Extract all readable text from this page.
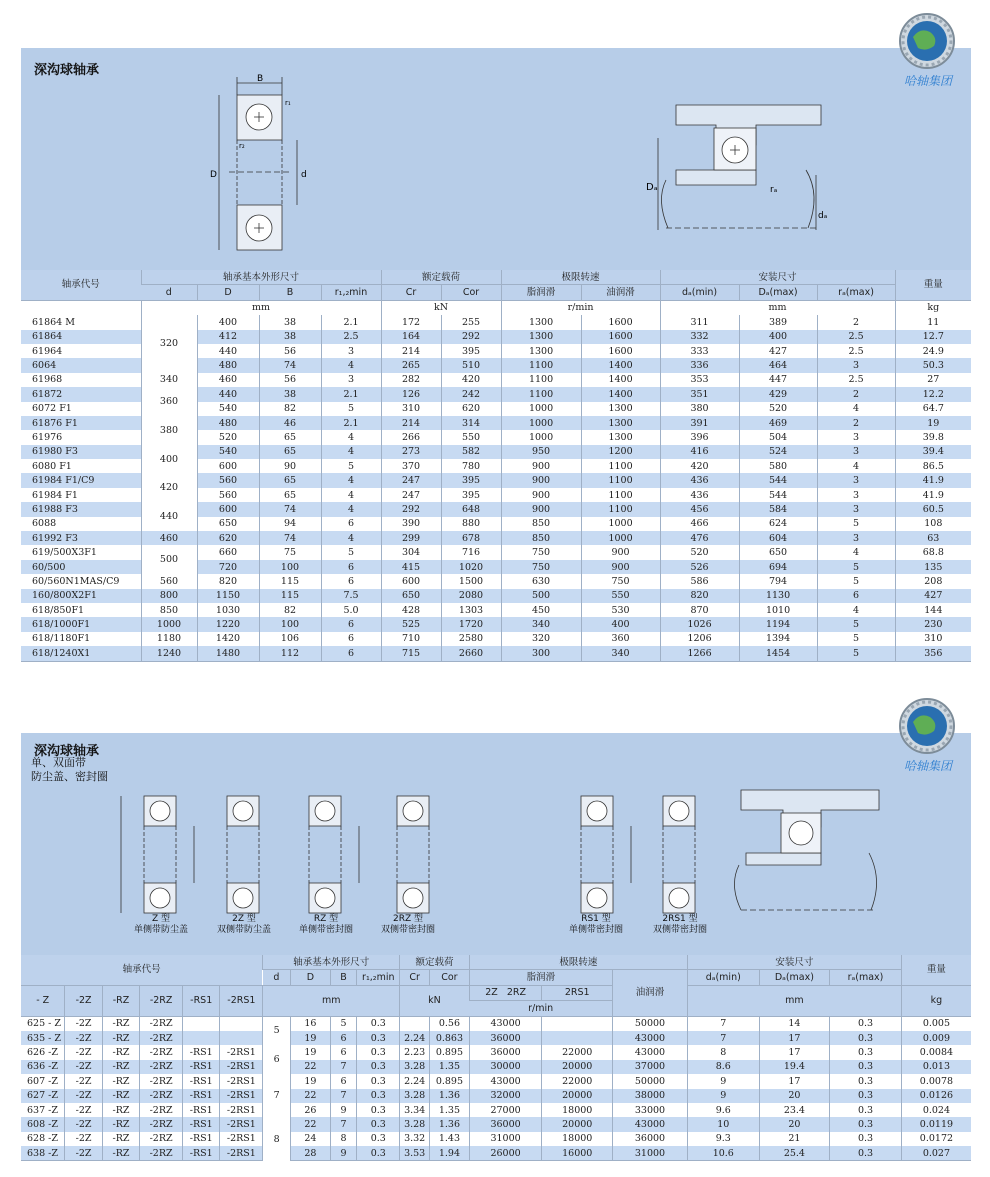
深沟球轴承
B
D	d
r₁
r₂
Dₐ
dₐ
rₐ
哈轴集团
轴承代号	轴承基本外形尺寸				额定载荷		极限转速		安装尺寸			重量
	d	D	B	r₁,₂min	Cr	Cor	脂润滑	油润滑	dₐ(min)	Dₐ(max)	rₐ(max)	
	mm				kN		r/min		mm			kg
61864 M	320	400	38	2.1	172	255	1300	1600	311	389	2	11
61864		412	38	2.5	164	292	1300	1600	332	400	2.5	12.7
61964		440	56	3	214	395	1300	1600	333	427	2.5	24.9
6064		480	74	4	265	510	1100	1400	336	464	3	50.3
61968	340	460	56	3	282	420	1100	1400	353	447	2.5	27
61872	360	440	38	2.1	126	242	1100	1400	351	429	2	12.2
6072 F1		540	82	5	310	620	1000	1300	380	520	4	64.7
61876 F1	380	480	46	2.1	214	314	1000	1300	391	469	2	19
61976		520	65	4	266	550	1000	1300	396	504	3	39.8
61980 F3	400	540	65	4	273	582	950	1200	416	524	3	39.4
6080 F1		600	90	5	370	780	900	1100	420	580	4	86.5
61984 F1/C9	420	560	65	4	247	395	900	1100	436	544	3	41.9
61984 F1		560	65	4	247	395	900	1100	436	544	3	41.9
61988 F3	440	600	74	4	292	648	900	1100	456	584	3	60.5
6088		650	94	6	390	880	850	1000	466	624	5	108
61992 F3	460	620	74	4	299	678	850	1000	476	604	3	63
619/500X3F1	500	660	75	5	304	716	750	900	520	650	4	68.8
60/500		720	100	6	415	1020	750	900	526	694	5	135
60/560N1MAS/C9	560	820	115	6	600	1500	630	750	586	794	5	208
160/800X2F1	800	1150	115	7.5	650	2080	500	550	820	1130	6	427
618/850F1	850	1030	82	5.0	428	1303	450	530	870	1010	4	144
618/1000F1	1000	1220	100	6	525	1720	340	400	1026	1194	5	230
618/1180F1	1180	1420	106	6	710	2580	320	360	1206	1394	5	310
618/1240X1	1240	1480	112	6	715	2660	300	340	1266	1454	5	356
深沟球轴承
单、双面带
防尘盖、密封圈
Z 型
单侧带防尘盖
2Z 型
双侧带防尘盖
RZ 型
单侧带密封圈
2RZ 型
双侧带密封圈
RS1 型
单侧带密封圈
2RS1 型
双侧带密封圈
哈轴集团
轴承代号						轴承基本外形尺寸				额定载荷		极限转速			安装尺寸			重量
						d	D	B	r₁,₂min	Cr	Cor	脂润滑		油润滑	dₐ(min)	Dₐ(max)	rₐ(max)	
- Z	-2Z	-RZ	-2RZ	-RS1	-2RS1	mm				kN		2Z 2RZ	2RS1		mm			kg
												r/min						
625 - Z	-2Z	-RZ	-2RZ			5	16	5	0.3		0.56	43000		50000	7	14	0.3	0.005
635 - Z	-2Z	-RZ	-2RZ				19	6	0.3	2.24	0.863	36000		43000	7	17	0.3	0.009
626 -Z	-2Z	-RZ	-2RZ	-RS1	-2RS1	6	19	6	0.3	2.23	0.895	36000	22000	43000	8	17	0.3	0.0084
636 -Z	-2Z	-RZ	-2RZ	-RS1	-2RS1		22	7	0.3	3.28	1.35	30000	20000	37000	8.6	19.4	0.3	0.013
607 -Z	-2Z	-RZ	-2RZ	-RS1	-2RS1	7	19	6	0.3	2.24	0.895	43000	22000	50000	9	17	0.3	0.0078
627 -Z	-2Z	-RZ	-2RZ	-RS1	-2RS1		22	7	0.3	3.28	1.36	32000	20000	38000	9	20	0.3	0.0126
637 -Z	-2Z	-RZ	-2RZ	-RS1	-2RS1		26	9	0.3	3.34	1.35	27000	18000	33000	9.6	23.4	0.3	0.024
608 -Z	-2Z	-RZ	-2RZ	-RS1	-2RS1	8	22	7	0.3	3.28	1.36	36000	20000	43000	10	20	0.3	0.0119
628 -Z	-2Z	-RZ	-2RZ	-RS1	-2RS1		24	8	0.3	3.32	1.43	31000	18000	36000	9.3	21	0.3	0.0172
638 -Z	-2Z	-RZ	-2RZ	-RS1	-2RS1		28	9	0.3	3.53	1.94	26000	16000	31000	10.6	25.4	0.3	0.027
